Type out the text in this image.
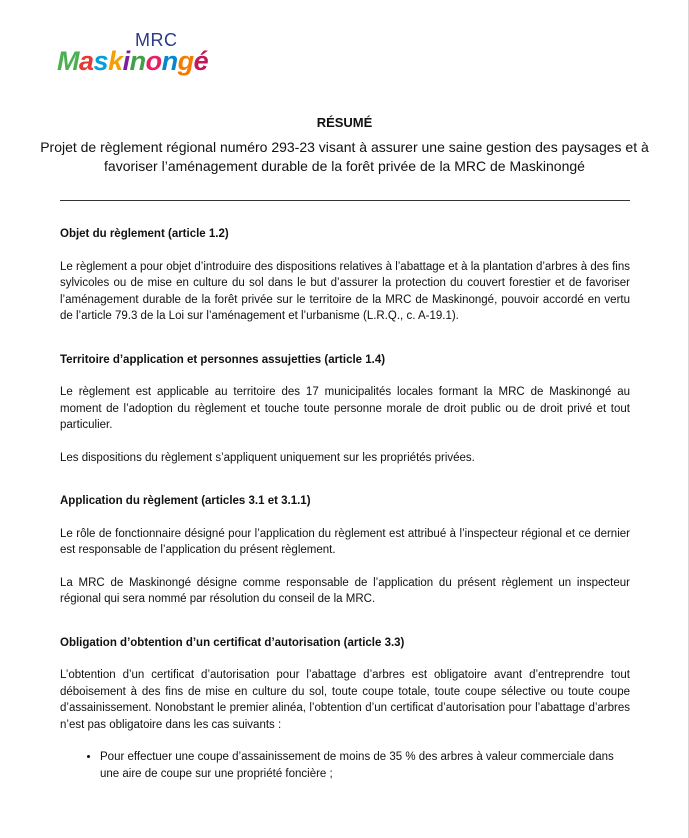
MRC
Maskinongé
RÉSUMÉ
Projet de règlement régional numéro 293-23 visant à assurer une saine gestion des paysages et à
favoriser l’aménagement durable de la forêt privée de la MRC de Maskinongé
Objet du règlement (article 1.2)

Le règlement a pour objet d’introduire des dispositions relatives à l’abattage et à la plantation d’arbres à des fins sylvicoles ou de mise en culture du sol dans le but d’assurer la protection du couvert forestier et de favoriser l’aménagement durable de la forêt privée sur le territoire de la MRC de Maskinongé, pouvoir accordé en vertu de l’article 79.3 de la Loi sur l’aménagement et l’urbanisme (L.R.Q., c. A-19.1).

Territoire d’application et personnes assujetties (article 1.4)

Le règlement est applicable au territoire des 17 municipalités locales formant la MRC de Maskinongé au moment de l’adoption du règlement et touche toute personne morale de droit public ou de droit privé et tout particulier.

Les dispositions du règlement s’appliquent uniquement sur les propriétés privées.

Application du règlement (articles 3.1 et 3.1.1)

Le rôle de fonctionnaire désigné pour l’application du règlement est attribué à l’inspecteur régional et ce dernier est responsable de l’application du présent règlement.

La MRC de Maskinongé désigne comme responsable de l’application du présent règlement un inspecteur régional qui sera nommé par résolution du conseil de la MRC.

Obligation d’obtention d’un certificat d’autorisation (article 3.3)

L’obtention d’un certificat d’autorisation pour l’abattage d’arbres est obligatoire avant d’entreprendre tout déboisement à des fins de mise en culture du sol, toute coupe totale, toute coupe sélective ou toute coupe d’assainissement. Nonobstant le premier alinéa, l’obtention d’un certificat d’autorisation pour l’abattage d’arbres n’est pas obligatoire dans les cas suivants :

• Pour effectuer une coupe d’assainissement de moins de 35 % des arbres à valeur commerciale dans une aire de coupe sur une propriété foncière ;
